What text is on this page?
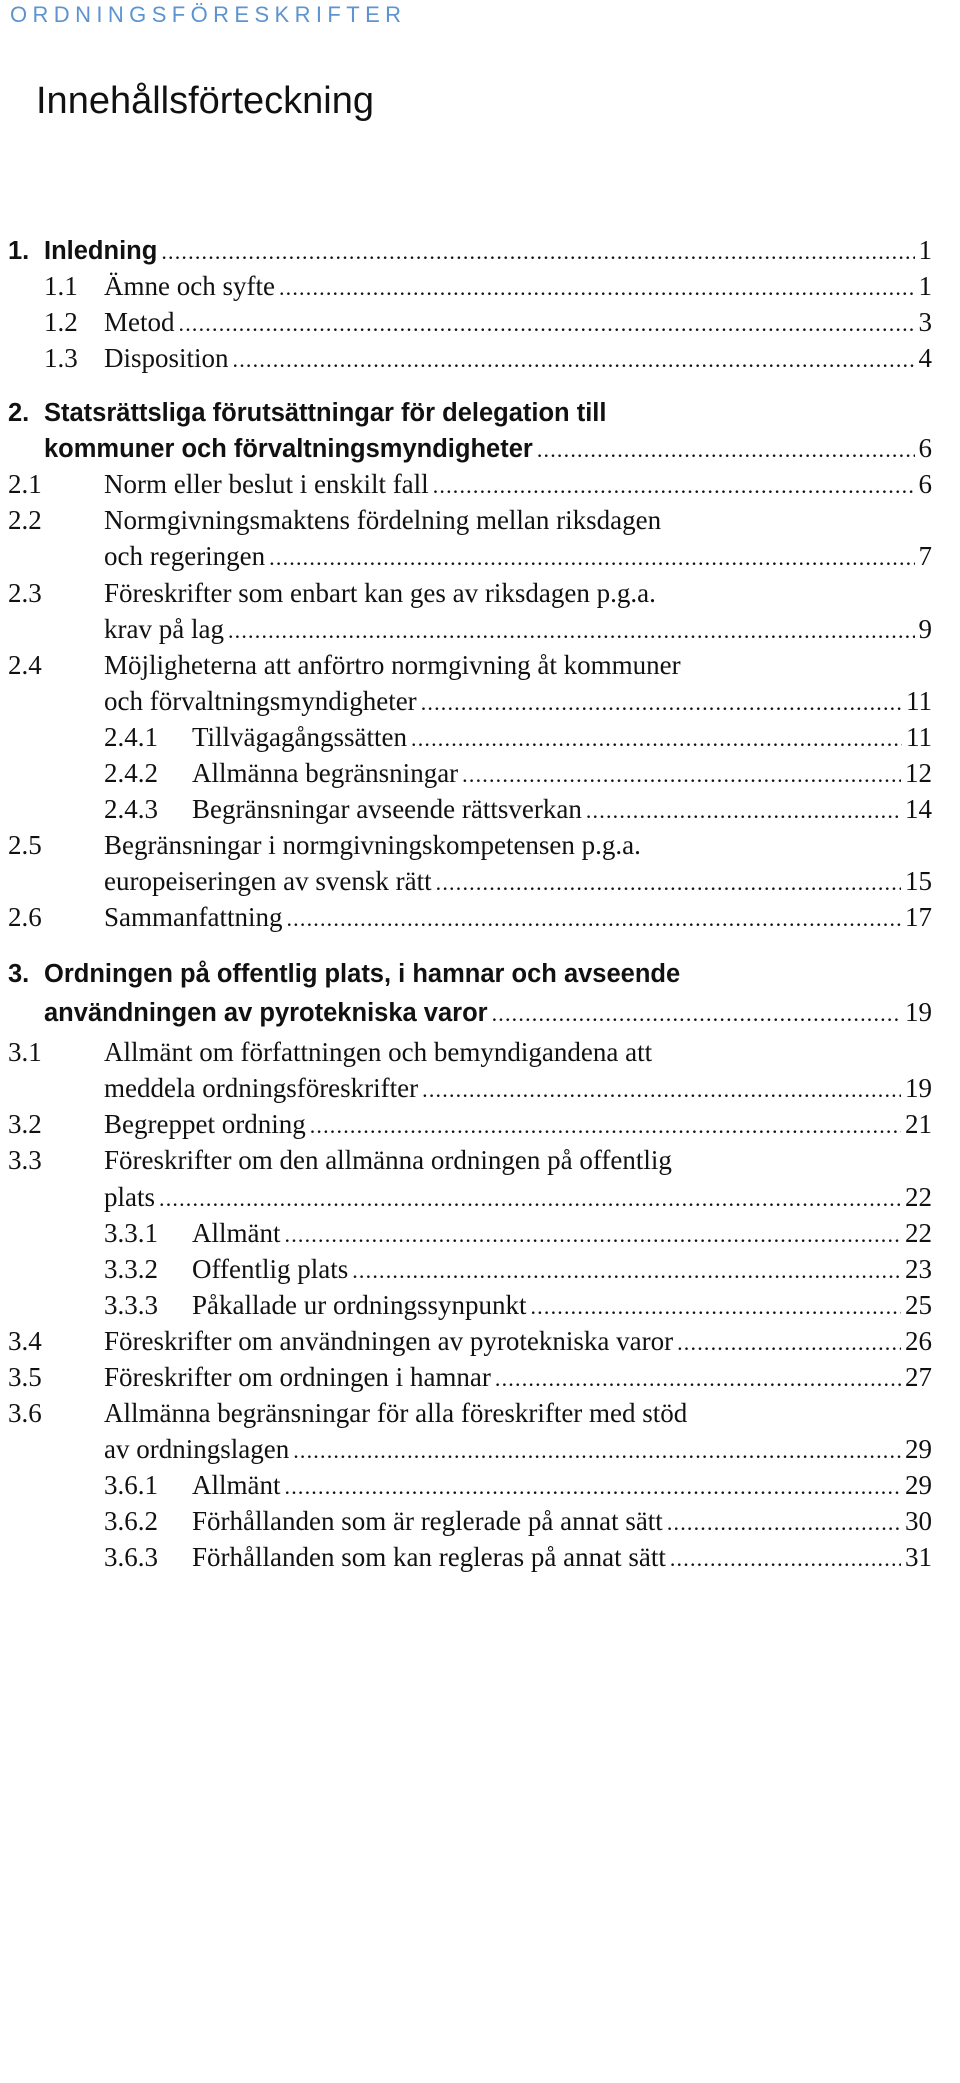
ORDNINGSFÖRESKRIFTER
Innehållsförteckning
1. Inledning .....	1
1.1 Ämne och syfte .....	1
1.2 Metod .....	3
1.3 Disposition .....	4
2. Statsrättsliga förutsättningar för delegation till
kommuner och förvaltningsmyndigheter .....	6
2.1	Norm eller beslut i enskilt fall .....	6
2.2	Normgivningsmaktens fördelning mellan riksdagen
och regeringen .....	7
2.3	Föreskrifter som enbart kan ges av riksdagen p.g.a.
krav på lag .....	9
2.4	Möjligheterna att anförtro normgivning åt kommuner
och förvaltningsmyndigheter .....	11
2.4.1	Tillvägagångssätten .....	11
2.4.2	Allmänna begränsningar .....	12
2.4.3	Begränsningar avseende rättsverkan .....	14
2.5	Begränsningar i normgivningskompetensen p.g.a.
europeiseringen av svensk rätt .....	15
2.6	Sammanfattning .....	17
3. Ordningen på offentlig plats, i hamnar och avseende
användningen av pyrotekniska varor .....	19
3.1	Allmänt om författningen och bemyndigandena att
meddela ordningsföreskrifter .....	19
3.2	Begreppet ordning .....	21
3.3	Föreskrifter om den allmänna ordningen på offentlig
plats .....	22
3.3.1	Allmänt .....	22
3.3.2	Offentlig plats .....	23
3.3.3	Påkallade ur ordningssynpunkt .....	25
3.4	Föreskrifter om användningen av pyrotekniska varor .....	26
3.5	Föreskrifter om ordningen i hamnar .....	27
3.6	Allmänna begränsningar för alla föreskrifter med stöd
av ordningslagen .....	29
3.6.1	Allmänt .....	29
3.6.2	Förhållanden som är reglerade på annat sätt .....	30
3.6.3	Förhållanden som kan regleras på annat sätt .....	31
